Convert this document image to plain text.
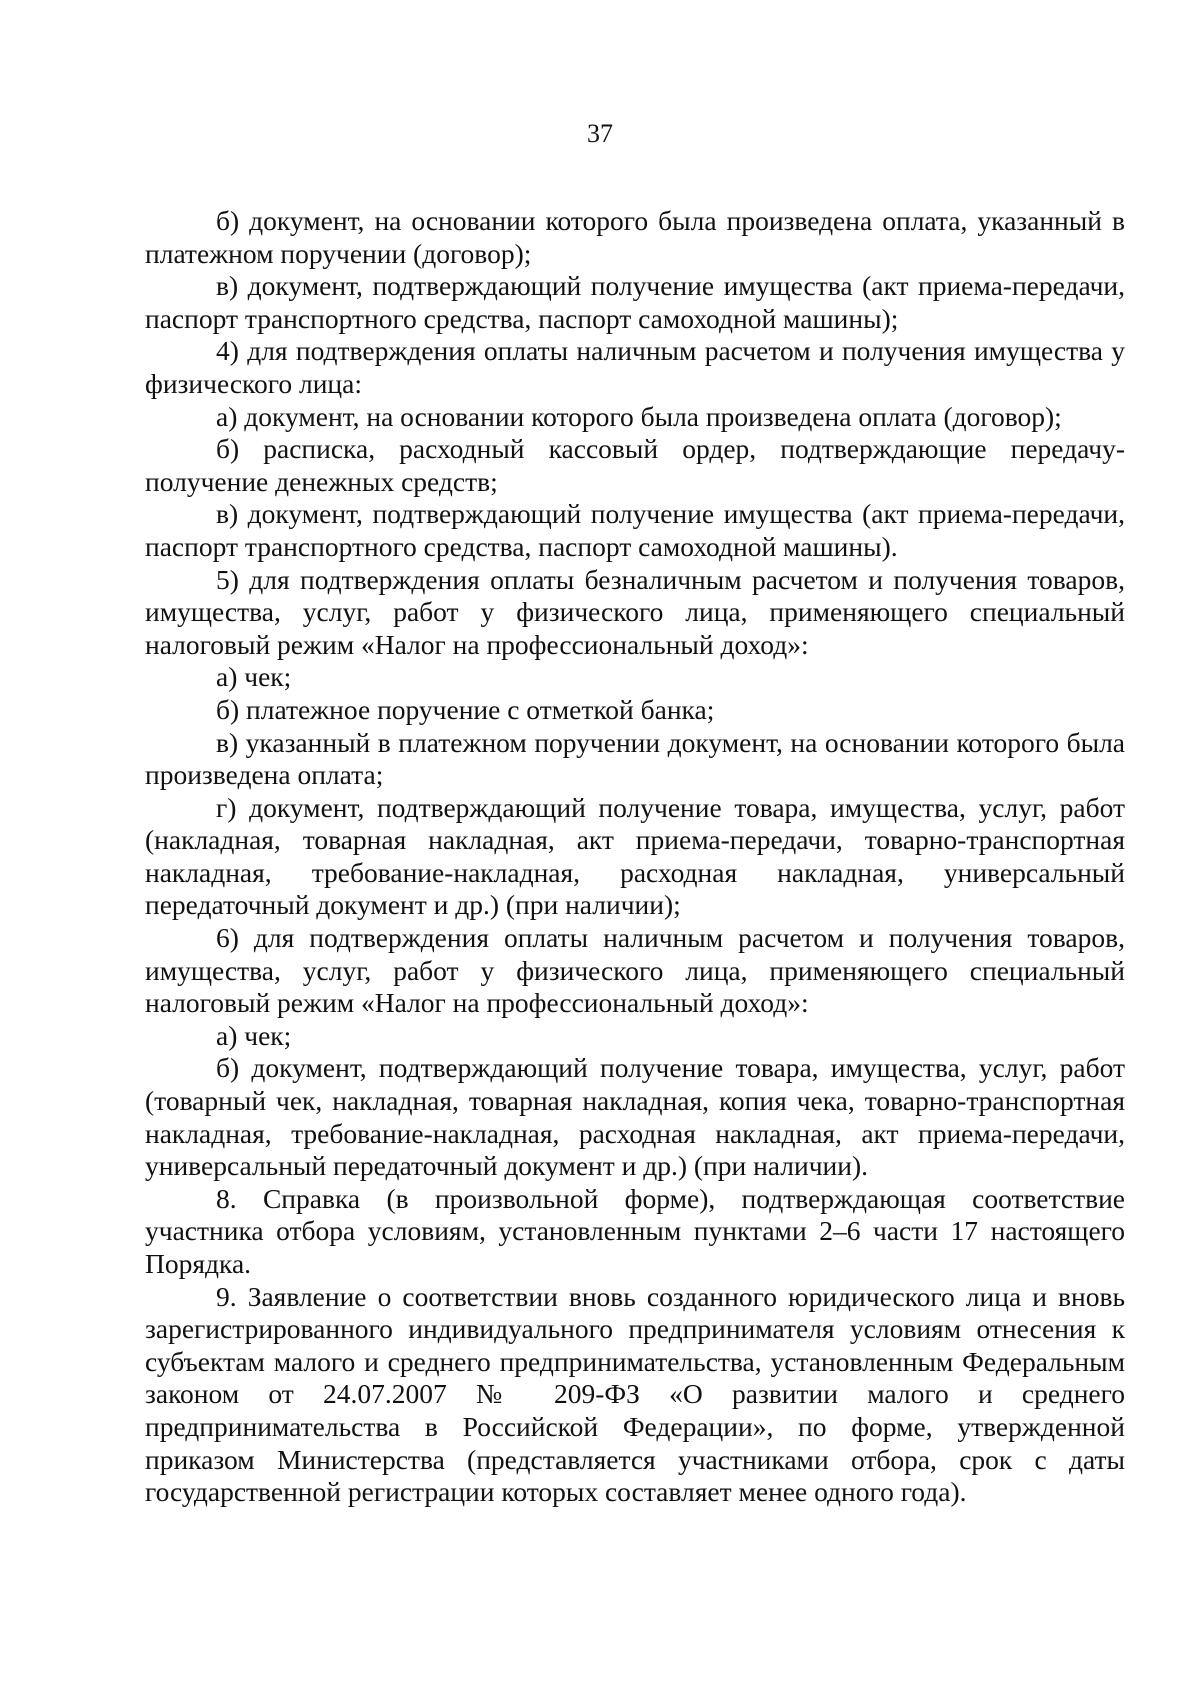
37

б) документ, на основании которого была произведена оплата, указанный в платежном поручении (договор);

в) документ, подтверждающий получение имущества (акт приема-передачи, паспорт транспортного средства, паспорт самоходной машины);

4) для подтверждения оплаты наличным расчетом и получения имущества у физического лица:

а) документ, на основании которого была произведена оплата (договор);

б) расписка, расходный кассовый ордер, подтверждающие передачу-получение денежных средств;

в) документ, подтверждающий получение имущества (акт приема-передачи, паспорт транспортного средства, паспорт самоходной машины).

5) для подтверждения оплаты безналичным расчетом и получения товаров, имущества, услуг, работ у физического лица, применяющего специальный налоговый режим «Налог на профессиональный доход»:

а) чек;

б) платежное поручение с отметкой банка;

в) указанный в платежном поручении документ, на основании которого была произведена оплата;

г) документ, подтверждающий получение товара, имущества, услуг, работ (накладная, товарная накладная, акт приема-передачи, товарно-транспортная накладная, требование-накладная, расходная накладная, универсальный передаточный документ и др.) (при наличии);

6) для подтверждения оплаты наличным расчетом и получения товаров, имущества, услуг, работ у физического лица, применяющего специальный налоговый режим «Налог на профессиональный доход»:

а) чек;

б) документ, подтверждающий получение товара, имущества, услуг, работ (товарный чек, накладная, товарная накладная, копия чека, товарно-транспортная накладная, требование-накладная, расходная накладная, акт приема-передачи, универсальный передаточный документ и др.) (при наличии).

8. Справка (в произвольной форме), подтверждающая соответствие участника отбора условиям, установленным пунктами 2–6 части 17 настоящего Порядка.

9. Заявление о соответствии вновь созданного юридического лица и вновь зарегистрированного индивидуального предпринимателя условиям отнесения к субъектам малого и среднего предпринимательства, установленным Федеральным законом от 24.07.2007 № 209-ФЗ «О развитии малого и среднего предпринимательства в Российской Федерации», по форме, утвержденной приказом Министерства (представляется участниками отбора, срок с даты государственной регистрации которых составляет менее одного года).
